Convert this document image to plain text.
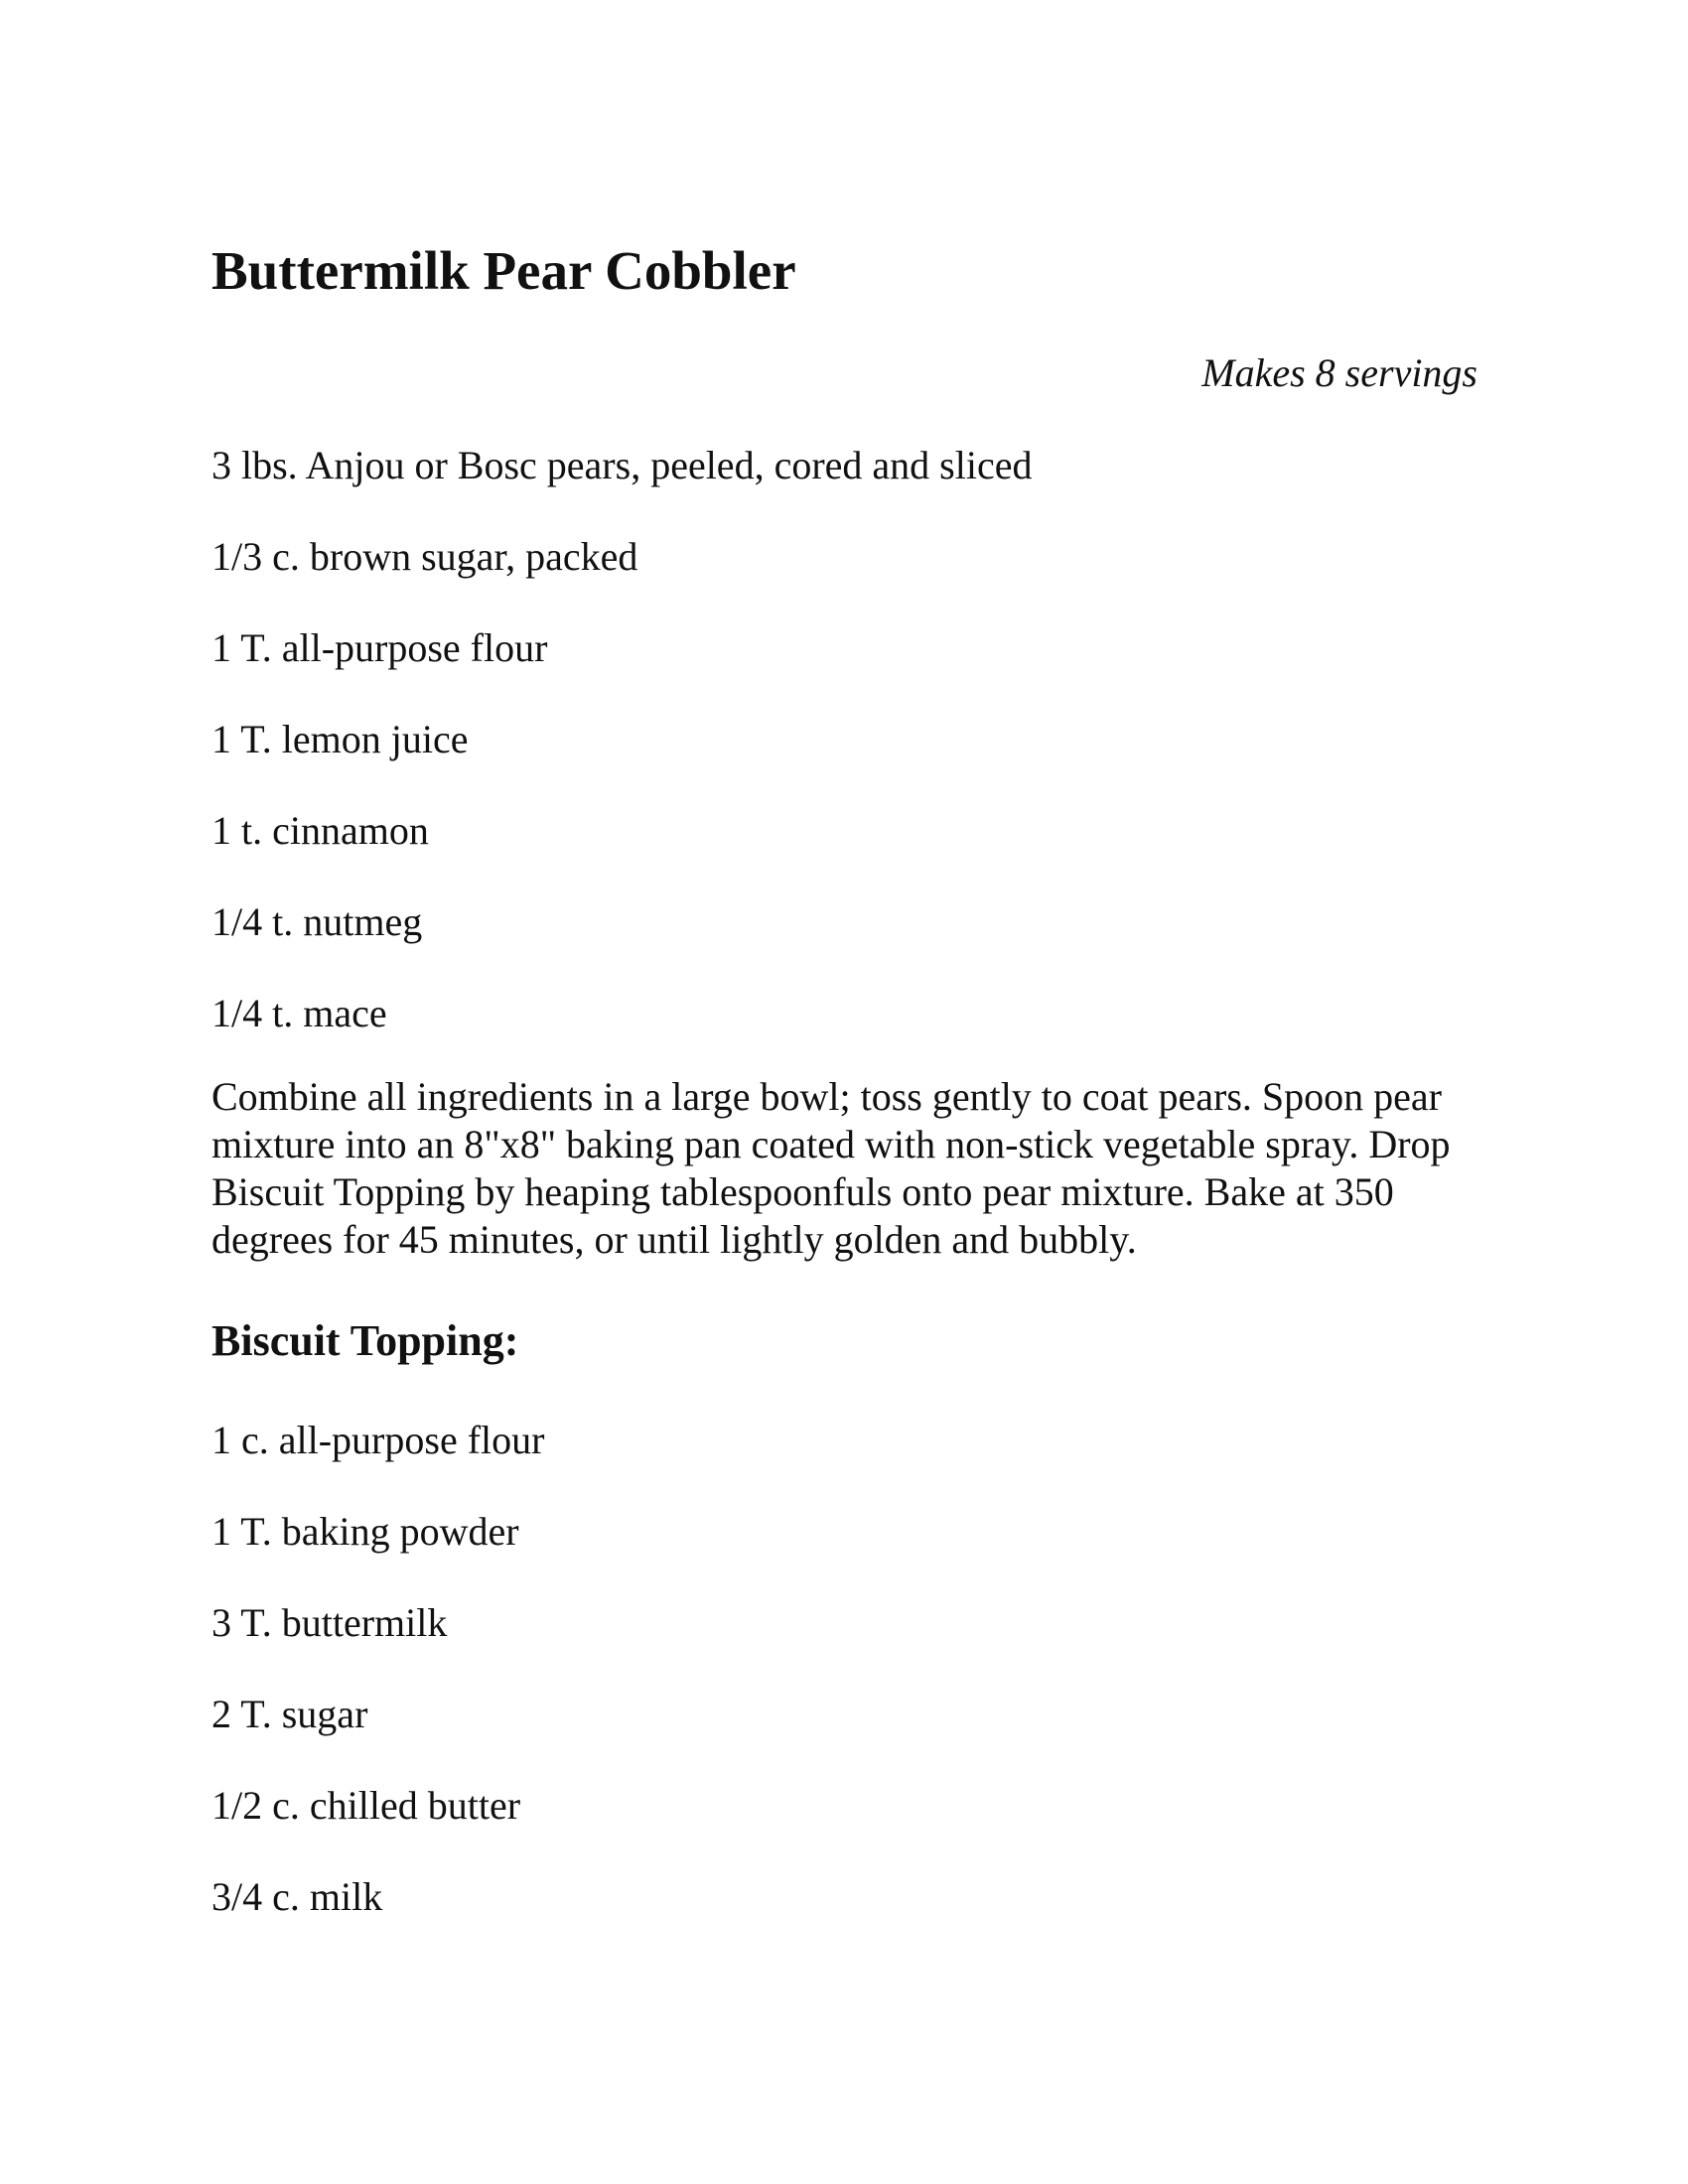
Buttermilk Pear Cobbler

Makes 8 servings

3 lbs. Anjou or Bosc pears, peeled, cored and sliced
1/3 c. brown sugar, packed
1 T. all-purpose flour
1 T. lemon juice
1 t. cinnamon
1/4 t. nutmeg
1/4 t. mace

Combine all ingredients in a large bowl; toss gently to coat pears. Spoon pear mixture into an 8"x8" baking pan coated with non-stick vegetable spray. Drop Biscuit Topping by heaping tablespoonfuls onto pear mixture. Bake at 350 degrees for 45 minutes, or until lightly golden and bubbly.

Biscuit Topping:
1 c. all-purpose flour
1 T. baking powder
3 T. buttermilk
2 T. sugar
1/2 c. chilled butter
3/4 c. milk
